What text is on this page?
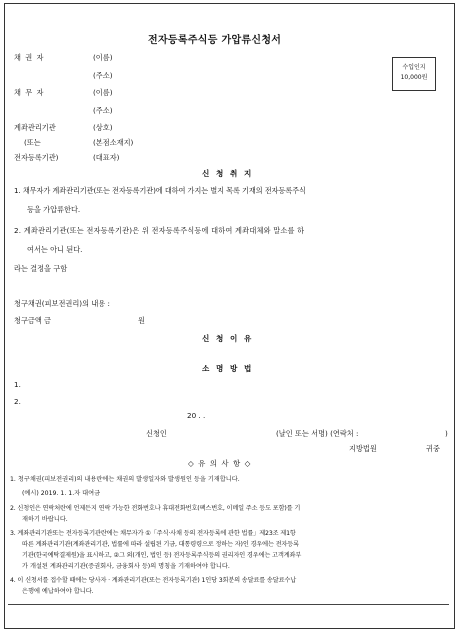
전자등록주식등 가압류신청서
수입인지
10,000원
채 권 자	(이름)
(주소)
채 무 자	(이름)
(주소)
계좌관리기관	(상호)
(또는	(본점소재지)
전자등록기관)	(대표자)
신 청 취 지
1. 채무자가 계좌관리기관(또는 전자등록기관)에 대하여 가지는 별지 목록 기재의 전자등록주식
등을 가압류한다.
2. 계좌관리기관(또는 전자등록기관)은 위 전자등록주식등에 대하여 계좌대체와 말소를 하
여서는 아니 된다.
라는 결정을 구함
청구채권(피보전권리)의 내용 :
청구금액 금	원
신 청 이 유
소 명 방 법
1.
2.
20 . .
신청인	(날인 또는 서명) (연락처 :	)
지방법원	귀중
◇ 유 의 사 항 ◇
1. 청구채권(피보전권리)의 내용란에는 채권의 발생일자와 발생원인 등을 기재합니다.
(예시) 2019. 1. 1.자 대여금
2. 신청인은 연락처란에 언제든지 연락 가능한 전화번호나 휴대전화번호(팩스번호, 이메일 주소 등도 포함)를 기
재하기 바랍니다.
3. 계좌관리기관또는 전자등록기관란에는 채무자가 ①「주식·사채 등의 전자등록에 관한 법률」제23조 제1항
따른 계좌관리기관(계좌관리기관, 법률에 따라 설립된 기금, 대통령령으로 정하는 자)인 경우에는 전자등록
기관(한국예탁결제원)을 표시하고, ②그 외(개인, 법인 등) 전자등록주식등의 권리자인 경우에는 고객계좌부
가 개설된 계좌관리기관(증권회사, 금융회사 등)의 명칭을 기재하여야 합니다.
4. 이 신청서를 접수할 때에는 당사자 · 계좌관리기관(또는 전자등록기관) 1인당 3회분의 송달료를 송달료수납
은행에 예납하여야 합니다.
